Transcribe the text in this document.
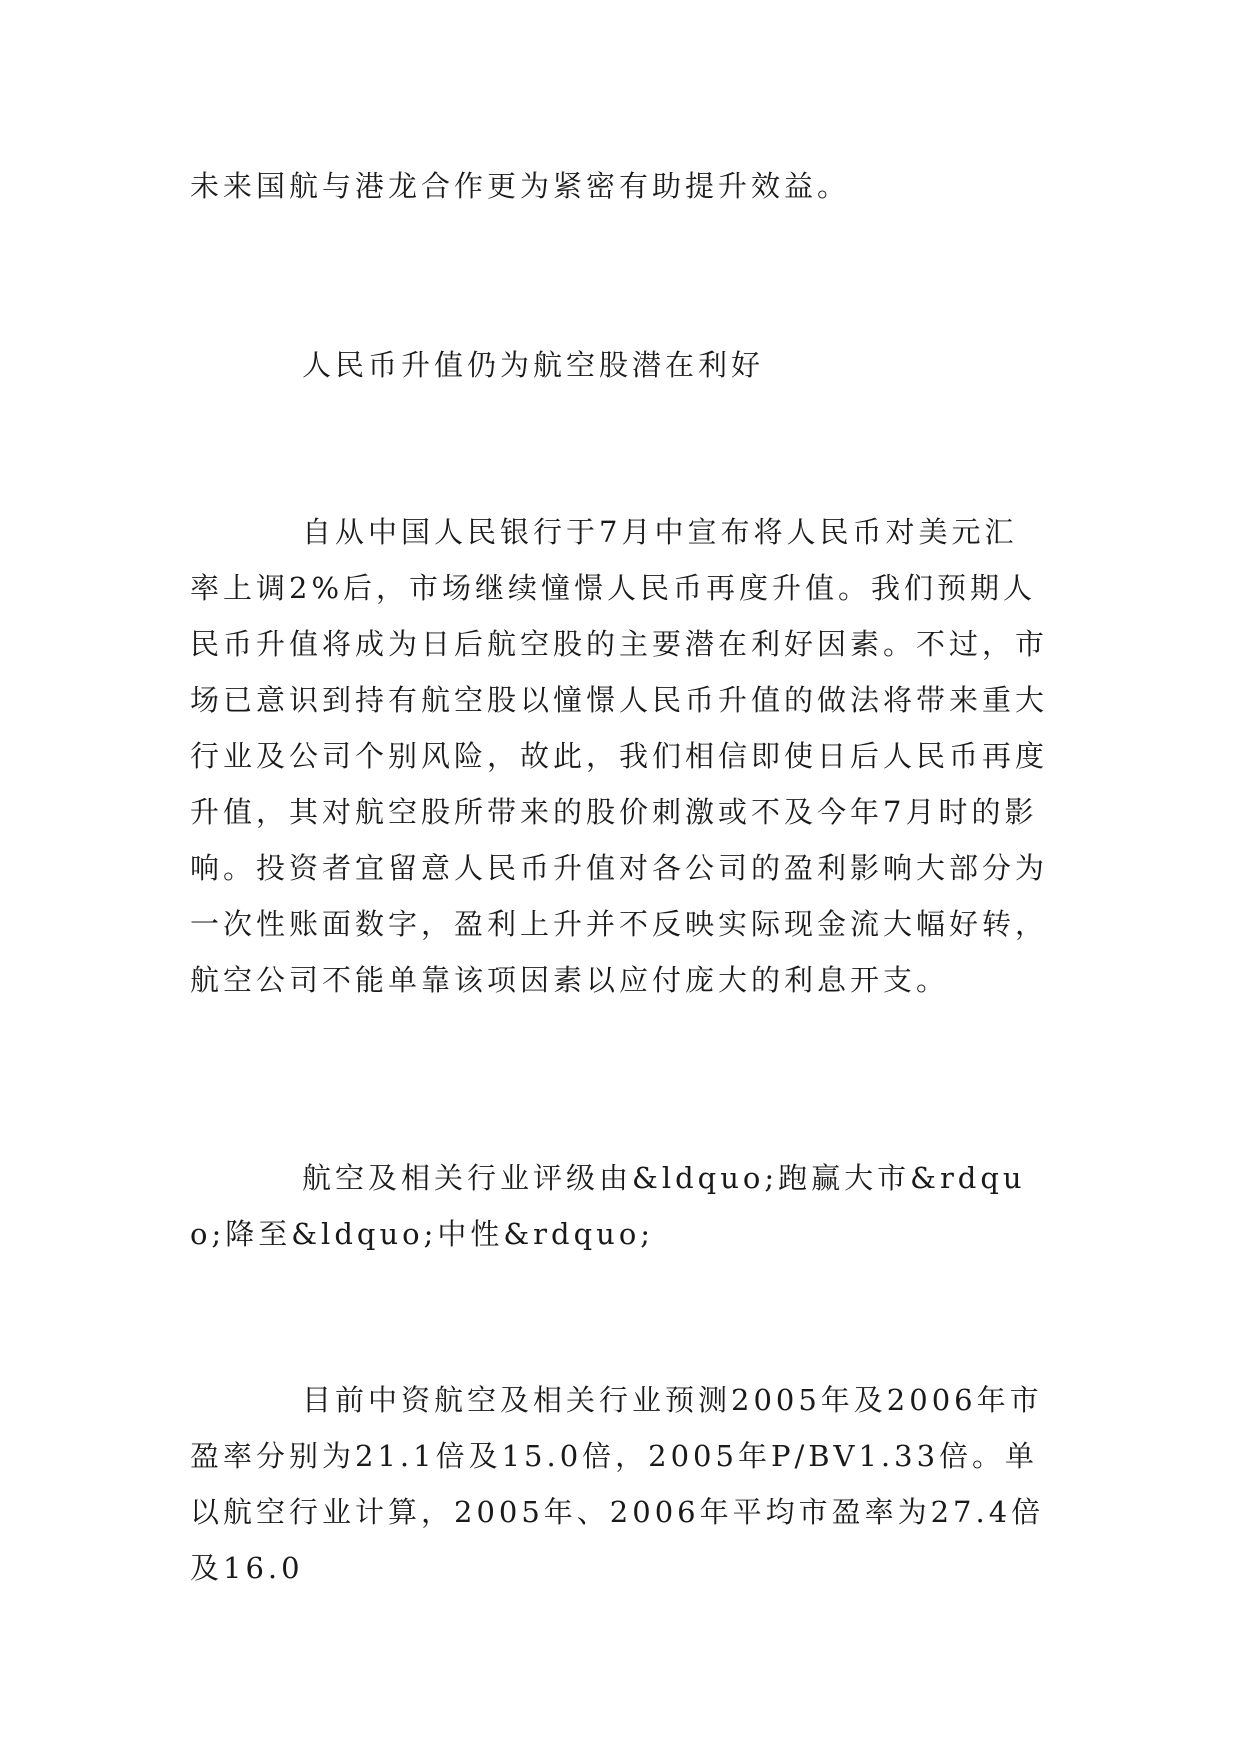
未来国航与港龙合作更为紧密有助提升效益。

人民币升值仍为航空股潜在利好

自从中国人民银行于7月中宣布将人民币对美元汇率上调2%后，市场继续憧憬人民币再度升值。我们预期人民币升值将成为日后航空股的主要潜在利好因素。不过，市场已意识到持有航空股以憧憬人民币升值的做法将带来重大行业及公司个别风险，故此，我们相信即使日后人民币再度升值，其对航空股所带来的股价刺激或不及今年7月时的影响。投资者宜留意人民币升值对各公司的盈利影响大部分为一次性账面数字，盈利上升并不反映实际现金流大幅好转，航空公司不能单靠该项因素以应付庞大的利息开支。

航空及相关行业评级由&ldquo;跑赢大市&rdquo;降至&ldquo;中性&rdquo;

目前中资航空及相关行业预测2005年及2006年市盈率分别为21.1倍及15.0倍，2005年P/BV1.33倍。单以航空行业计算，2005年、2006年平均市盈率为27.4倍及16.0
